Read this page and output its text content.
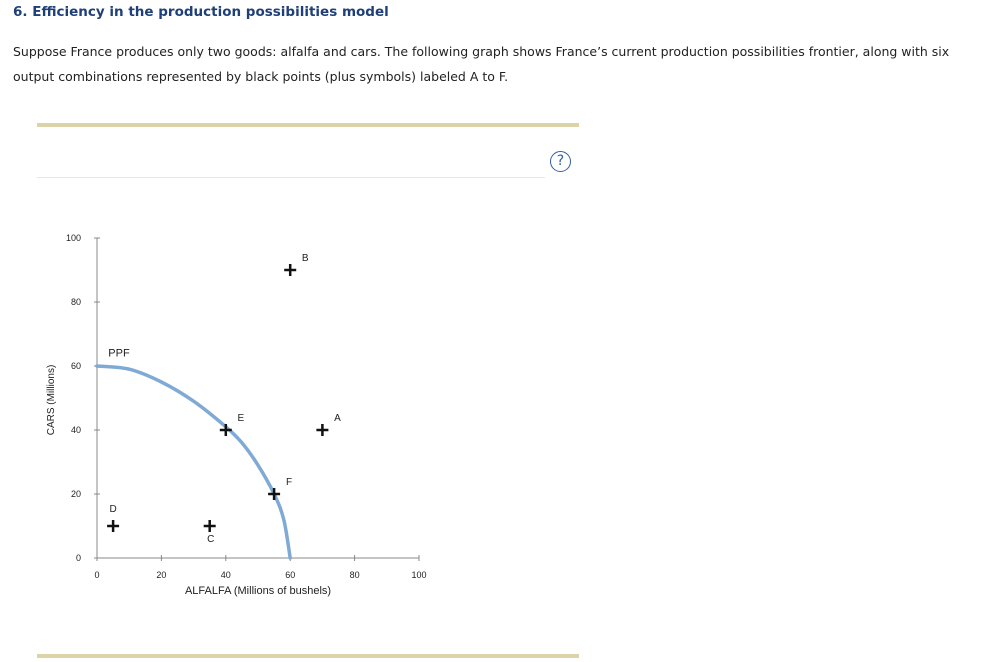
6. Efficiency in the production possibilities model
Suppose France produces only two goods: alfalfa and cars. The following graph shows France’s current production possibilities frontier, along with six output combinations represented by black points (plus symbols) labeled A to F.
?
0	20	40	60	80	100
0
20
40
60
80
100
PPF
A
B
C
D
E
F
ALFALFA (Millions of bushels)
CARS (Millions)
